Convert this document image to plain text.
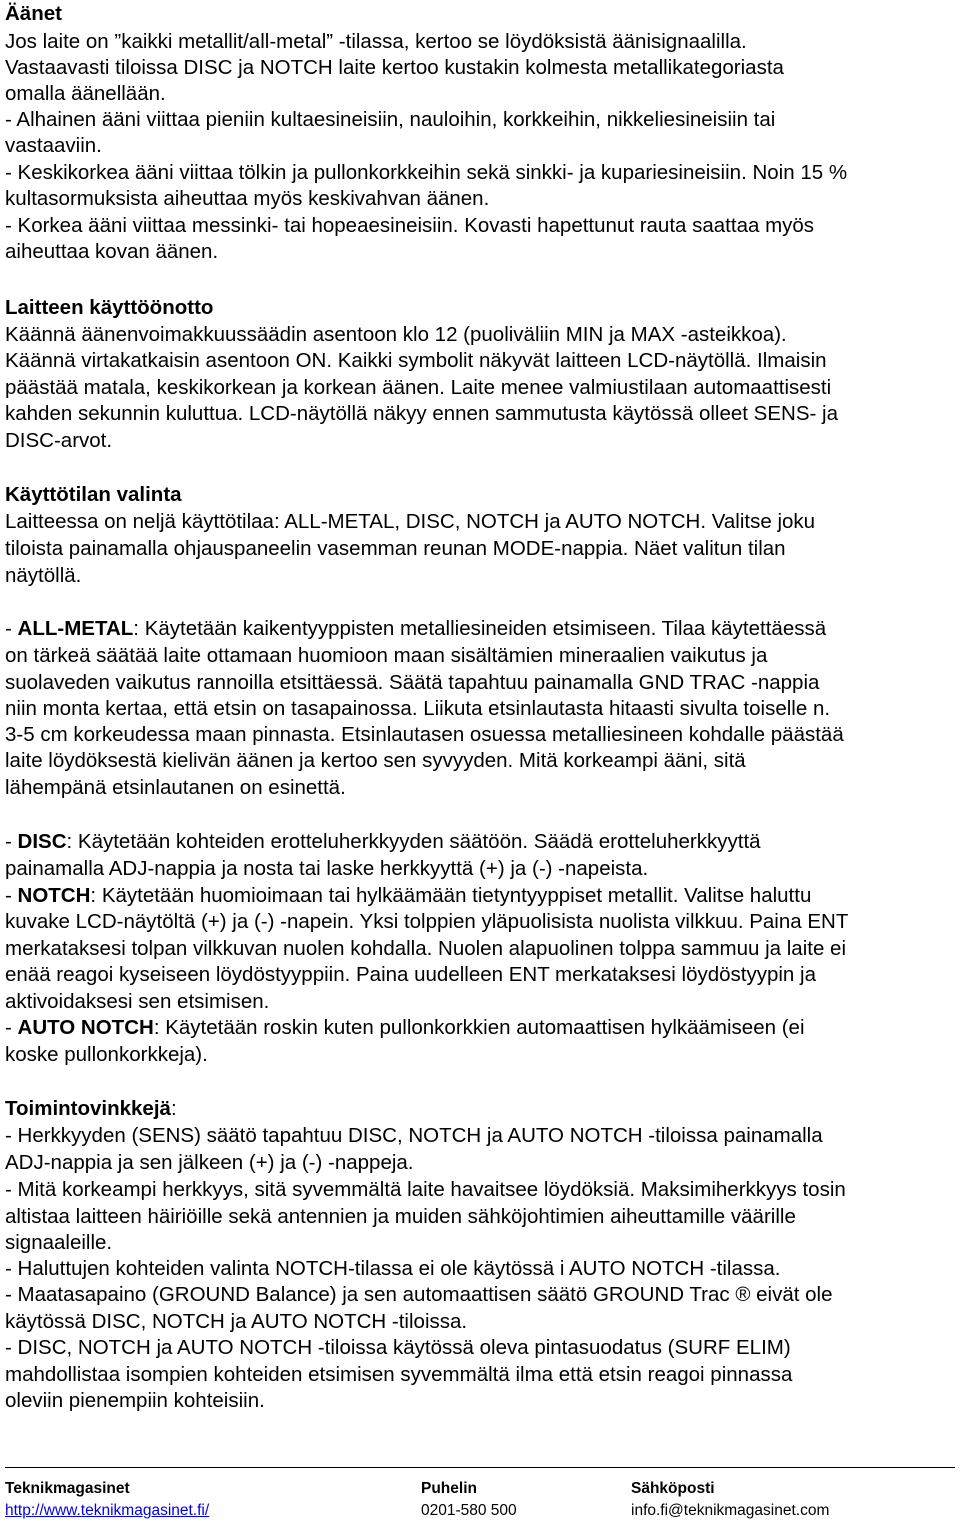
Äänet
Jos laite on ”kaikki metallit/all-metal” -tilassa, kertoo se löydöksistä äänisignaalilla.
Vastaavasti tiloissa DISC ja NOTCH laite kertoo kustakin kolmesta metallikategoriasta
omalla äänellään.
- Alhainen ääni viittaa pieniin kultaesineisiin, nauloihin, korkkeihin, nikkeliesineisiin tai
vastaaviin.
- Keskikorkea ääni viittaa tölkin ja pullonkorkkeihin sekä sinkki- ja kupariesineisiin. Noin 15 %
kultasormuksista aiheuttaa myös keskivahvan äänen.
- Korkea ääni viittaa messinki- tai hopeaesineisiin. Kovasti hapettunut rauta saattaa myös
aiheuttaa kovan äänen.
Laitteen käyttöönotto
Käännä äänenvoimakkuussäädin asentoon klo 12 (puoliväliin MIN ja MAX -asteikkoa).
Käännä virtakatkaisin asentoon ON. Kaikki symbolit näkyvät laitteen LCD-näytöllä. Ilmaisin
päästää matala, keskikorkean ja korkean äänen. Laite menee valmiustilaan automaattisesti
kahden sekunnin kuluttua. LCD-näytöllä näkyy ennen sammutusta käytössä olleet SENS- ja
DISC-arvot.
Käyttötilan valinta
Laitteessa on neljä käyttötilaa: ALL-METAL, DISC, NOTCH ja AUTO NOTCH. Valitse joku
tiloista painamalla ohjauspaneelin vasemman reunan MODE-nappia. Näet valitun tilan
näytöllä.
- ALL-METAL: Käytetään kaikentyyppisten metalliesineiden etsimiseen. Tilaa käytettäessä
on tärkeä säätää laite ottamaan huomioon maan sisältämien mineraalien vaikutus ja
suolaveden vaikutus rannoilla etsittäessä. Säätä tapahtuu painamalla GND TRAC -nappia
niin monta kertaa, että etsin on tasapainossa. Liikuta etsinlautasta hitaasti sivulta toiselle n.
3-5 cm korkeudessa maan pinnasta. Etsinlautasen osuessa metalliesineen kohdalle päästää
laite löydöksestä kielivän äänen ja kertoo sen syvyyden. Mitä korkeampi ääni, sitä
lähempänä etsinlautanen on esinettä.
- DISC: Käytetään kohteiden erotteluherkkyyden säätöön. Säädä erotteluherkkyyttä
painamalla ADJ-nappia ja nosta tai laske herkkyyttä (+) ja (-) -napeista.
- NOTCH: Käytetään huomioimaan tai hylkäämään tietyntyyppiset metallit. Valitse haluttu
kuvake LCD-näytöltä (+) ja (-) -napein. Yksi tolppien yläpuolisista nuolista vilkkuu. Paina ENT
merkataksesi tolpan vilkkuvan nuolen kohdalla. Nuolen alapuolinen tolppa sammuu ja laite ei
enää reagoi kyseiseen löydöstyyppiin. Paina uudelleen ENT merkataksesi löydöstyypin ja
aktivoidaksesi sen etsimisen.
- AUTO NOTCH: Käytetään roskin kuten pullonkorkkien automaattisen hylkäämiseen (ei
koske pullonkorkkeja).
Toimintovinkkejä:
- Herkkyyden (SENS) säätö tapahtuu DISC, NOTCH ja AUTO NOTCH -tiloissa painamalla
ADJ-nappia ja sen jälkeen (+) ja (-) -nappeja.
- Mitä korkeampi herkkyys, sitä syvemmältä laite havaitsee löydöksiä. Maksimiherkkyys tosin
altistaa laitteen häiriöille sekä antennien ja muiden sähköjohtimien aiheuttamille väärille
signaaleille.
- Haluttujen kohteiden valinta NOTCH-tilassa ei ole käytössä i AUTO NOTCH -tilassa.
- Maatasapaino (GROUND Balance) ja sen automaattisen säätö GROUND Trac ® eivät ole
käytössä DISC, NOTCH ja AUTO NOTCH -tiloissa.
- DISC, NOTCH ja AUTO NOTCH -tiloissa käytössä oleva pintasuodatus (SURF ELIM)
mahdollistaa isompien kohteiden etsimisen syvemmältä ilma että etsin reagoi pinnassa
oleviin pienempiin kohteisiin.
Teknikmagasinet
http://www.teknikmagasinet.fi/
Puhelin
0201-580 500
Sähköposti
info.fi@teknikmagasinet.com
